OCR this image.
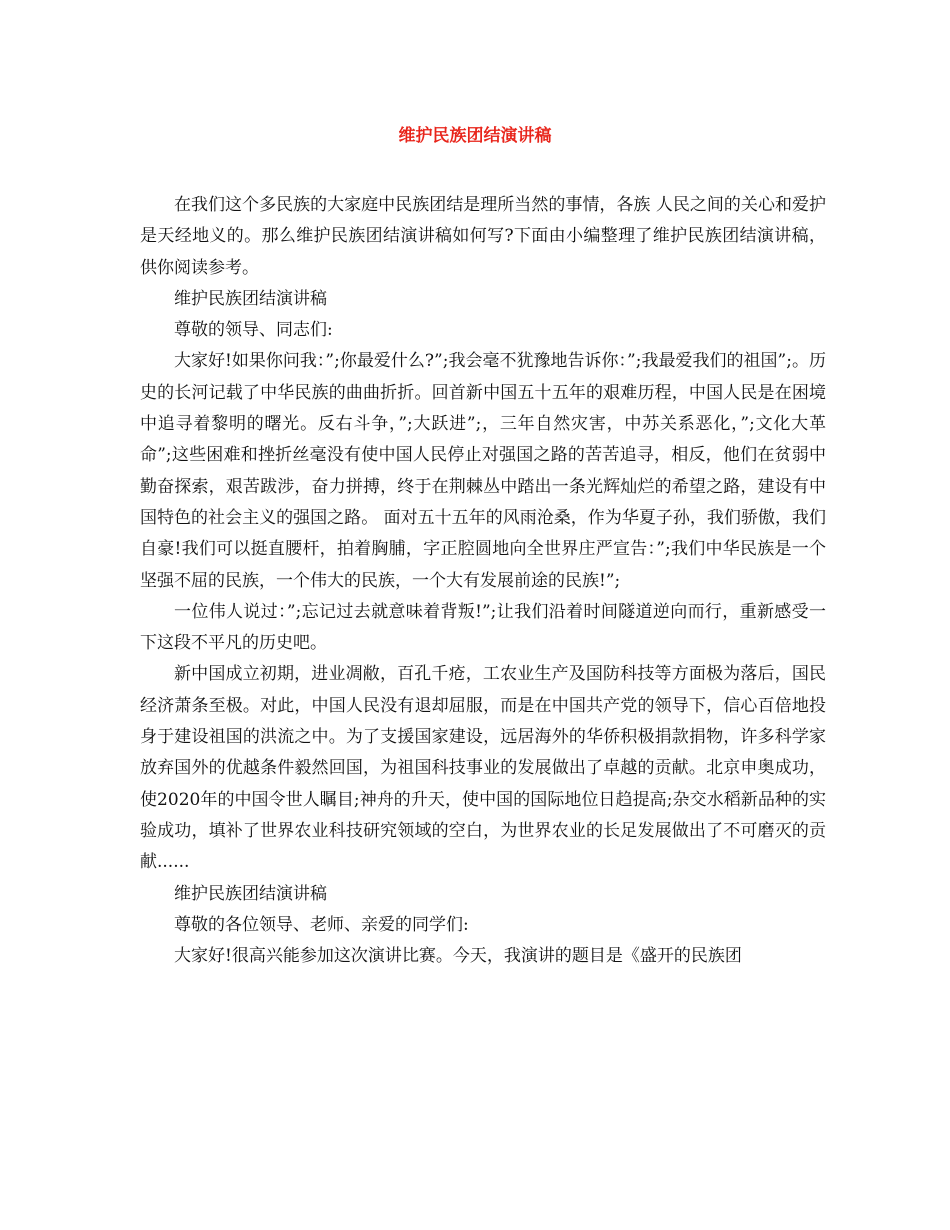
维护民族团结演讲稿

在我们这个多民族的大家庭中民族团结是理所当然的事情，各族 人民之间的关心和爱护是天经地义的。那么维护民族团结演讲稿如何写?下面由小编整理了维护民族团结演讲稿，供你阅读参考。

维护民族团结演讲稿

尊敬的领导、同志们:

大家好!如果你问我：”;你最爱什么?”;我会毫不犹豫地告诉你：”;我最爱我们的祖国”;。历史的长河记载了中华民族的曲曲折折。回首新中国五十五年的艰难历程，中国人民是在困境中追寻着黎明的曙光。反右斗争，”;大跃进”;，三年自然灾害，中苏关系恶化，”;文化大革命”;这些困难和挫折丝毫没有使中国人民停止对强国之路的苦苦追寻，相反，他们在贫弱中勤奋探索，艰苦跋涉，奋力拼搏，终于在荆棘丛中踏出一条光辉灿烂的希望之路，建设有中国特色的社会主义的强国之路。 面对五十五年的风雨沧桑，作为华夏子孙，我们骄傲，我们自豪!我们可以挺直腰杆，拍着胸脯，字正腔圆地向全世界庄严宣告：”;我们中华民族是一个坚强不屈的民族，一个伟大的民族，一个大有发展前途的民族!”;

一位伟人说过：”;忘记过去就意味着背叛!”;让我们沿着时间隧道逆向而行，重新感受一下这段不平凡的历史吧。

新中国成立初期，进业凋敝，百孔千疮，工农业生产及国防科技等方面极为落后，国民经济萧条至极。对此，中国人民没有退却屈服，而是在中国共产党的领导下，信心百倍地投身于建设祖国的洪流之中。为了支援国家建设，远居海外的华侨积极捐款捐物，许多科学家放弃国外的优越条件毅然回国，为祖国科技事业的发展做出了卓越的贡献。北京申奥成功，使2020年的中国令世人瞩目;神舟的升天，使中国的国际地位日趋提高;杂交水稻新品种的实验成功，填补了世界农业科技研究领域的空白，为世界农业的长足发展做出了不可磨灭的贡献......

维护民族团结演讲稿

尊敬的各位领导、老师、亲爱的同学们:

大家好!很高兴能参加这次演讲比赛。今天，我演讲的题目是《盛开的民族团
